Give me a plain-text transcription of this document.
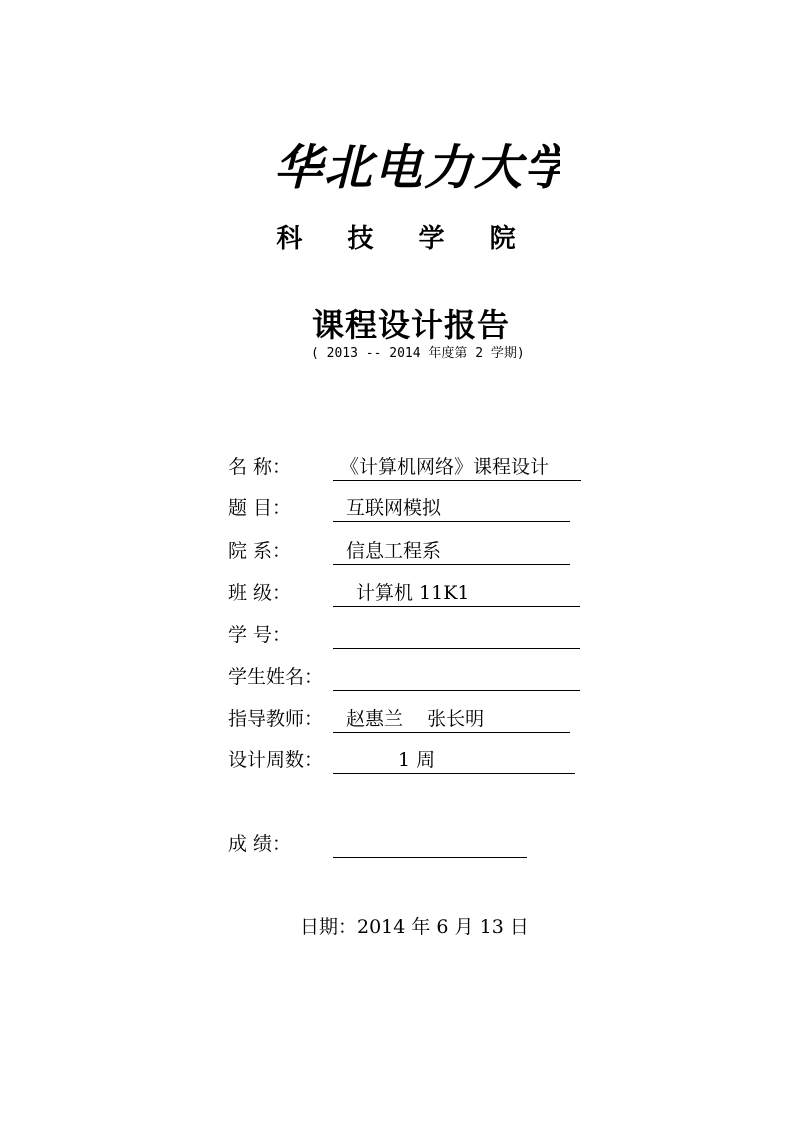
华北电力大学
科 技 学 院
课程设计报告
( 2013 -- 2014 年度第 2 学期)
名 称：	《计算机网络》课程设计
题 目：	互联网模拟
院 系：	信息工程系
班 级：	计算机 11K1
学 号：
学生姓名：
指导教师： 赵惠兰    张长明
设计周数：	1 周
成 绩：
日期：2014 年 6 月 13 日
